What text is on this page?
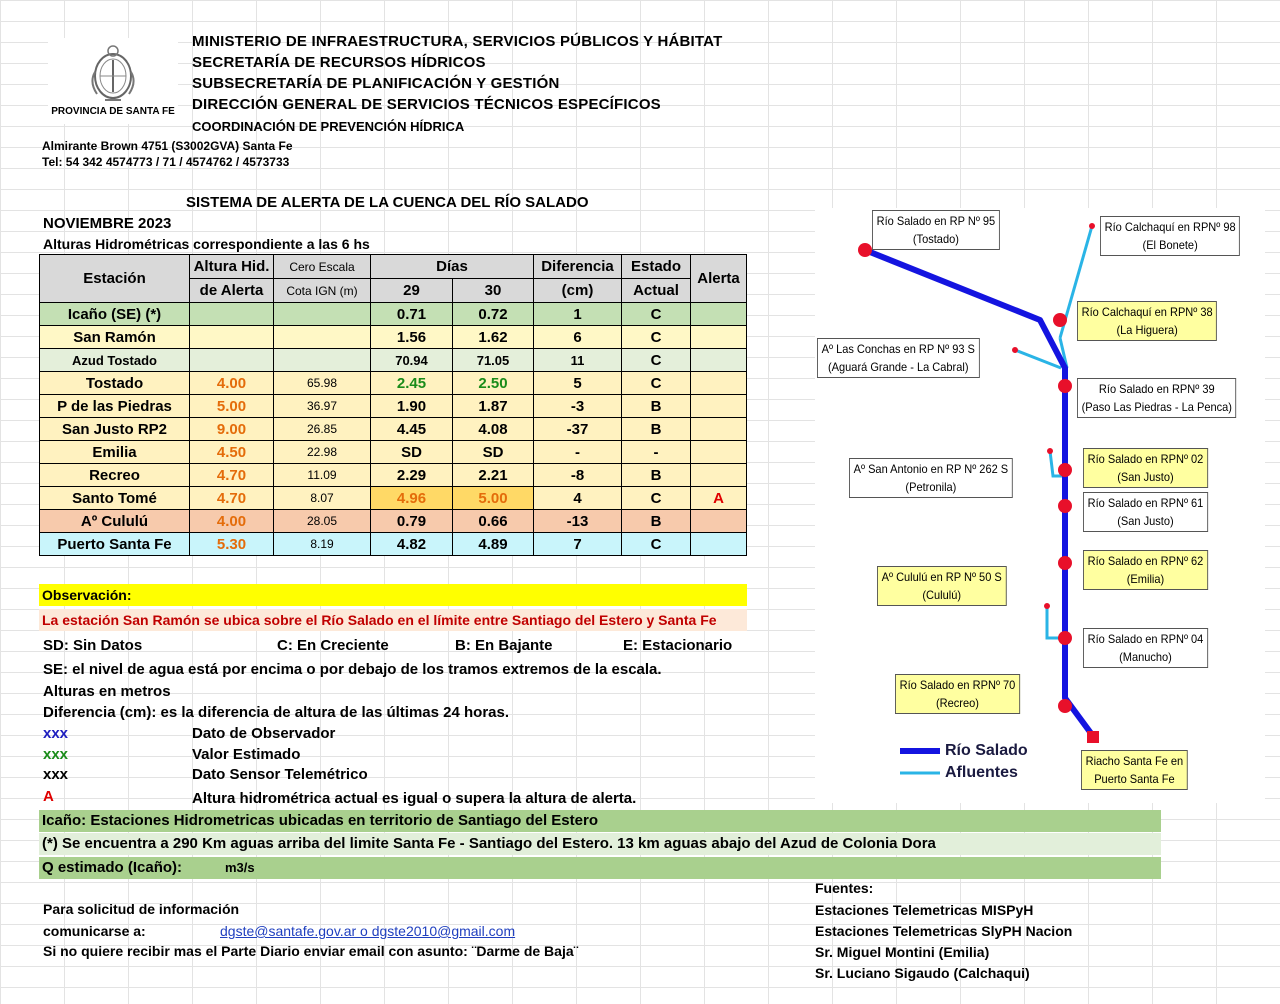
PROVINCIA DE SANTA FE
MINISTERIO DE INFRAESTRUCTURA, SERVICIOS PÚBLICOS Y HÁBITAT
SECRETARÍA DE RECURSOS HÍDRICOS
SUBSECRETARÍA DE PLANIFICACIÓN Y GESTIÓN
DIRECCIÓN GENERAL DE SERVICIOS TÉCNICOS ESPECÍFICOS
COORDINACIÓN DE PREVENCIÓN HÍDRICA
Almirante Brown 4751 (S3002GVA) Santa Fe
Tel: 54 342 4574773 / 71 / 4574762 / 4573733
SISTEMA DE ALERTA DE LA CUENCA DEL RÍO SALADO
NOVIEMBRE 2023
Alturas Hidrométricas correspondiente a las 6 hs
Estación	Altura Hid.	Cero Escala	Días		Diferencia	Estado	Alerta
	de Alerta	Cota IGN (m)	29	30	(cm)	Actual	
Icaño (SE) (*)			0.71	0.72	1	C	
San Ramón			1.56	1.62	6	C	
Azud Tostado			70.94	71.05	11	C	
Tostado	4.00	65.98	2.45	2.50	5	C	
P de las Piedras	5.00	36.97	1.90	1.87	-3	B	
San Justo RP2	9.00	26.85	4.45	4.08	-37	B	
Emilia	4.50	22.98	SD	SD	-	-	
Recreo	4.70	11.09	2.29	2.21	-8	B	
Santo Tomé	4.70	8.07	4.96	5.00	4	C	A
Aº Cululú	4.00	28.05	0.79	0.66	-13	B	
Puerto Santa Fe	5.30	8.19	4.82	4.89	7	C	
Observación:
La estación San Ramón se ubica sobre el Río Salado en el límite entre Santiago del Estero y Santa Fe
SD: Sin Datos	C: En Creciente	B: En Bajante	E: Estacionario
SE: el nivel de agua está por encima o por debajo de los tramos extremos de la escala.
Alturas en metros
Diferencia (cm): es la diferencia de altura de las últimas 24 horas.
xxx	Dato de Observador
xxx	Valor Estimado
xxx	Dato Sensor Telemétrico
A	Altura hidrométrica actual es igual o supera la altura de alerta.
Icaño: Estaciones Hidrometricas ubicadas en territorio de Santiago del Estero
(*) Se encuentra a 290 Km aguas arriba del limite Santa Fe - Santiago del Estero. 13 km aguas abajo del Azud de Colonia Dora
Q estimado (Icaño):	m3/s
Para solicitud de información
comunicarse a:	dgste@santafe.gov.ar o dgste2010@gmail.com
Si no quiere recibir mas el Parte Diario enviar email con asunto: ¨Darme de Baja¨
Fuentes:
Estaciones Telemetricas MISPyH
Estaciones Telemetricas SlyPH Nacion
Sr. Miguel Montini (Emilia)
Sr. Luciano Sigaudo (Calchaqui)
Río Salado en RP Nº 95
(Tostado)
Río Calchaquí en RPNº 98
(El Bonete)
Río Calchaquí en RPNº 38
(La Higuera)
Aº Las Conchas en RP Nº 93 S
(Aguará Grande - La Cabral)
Río Salado en RPNº 39
(Paso Las Piedras - La Penca)
Aº San Antonio en RP Nº 262 S
(Petronila)
Río Salado en RPNº 02
(San Justo)
Río Salado en RPNº 61
(San Justo)
Río Salado en RPNº 62
(Emilia)
Aº Cululú en RP Nº 50 S
(Cululú)
Río Salado en RPNº 04
(Manucho)
Río Salado en RPNº 70
(Recreo)
Riacho Santa Fe en
Puerto Santa Fe
Río Salado
Afluentes
